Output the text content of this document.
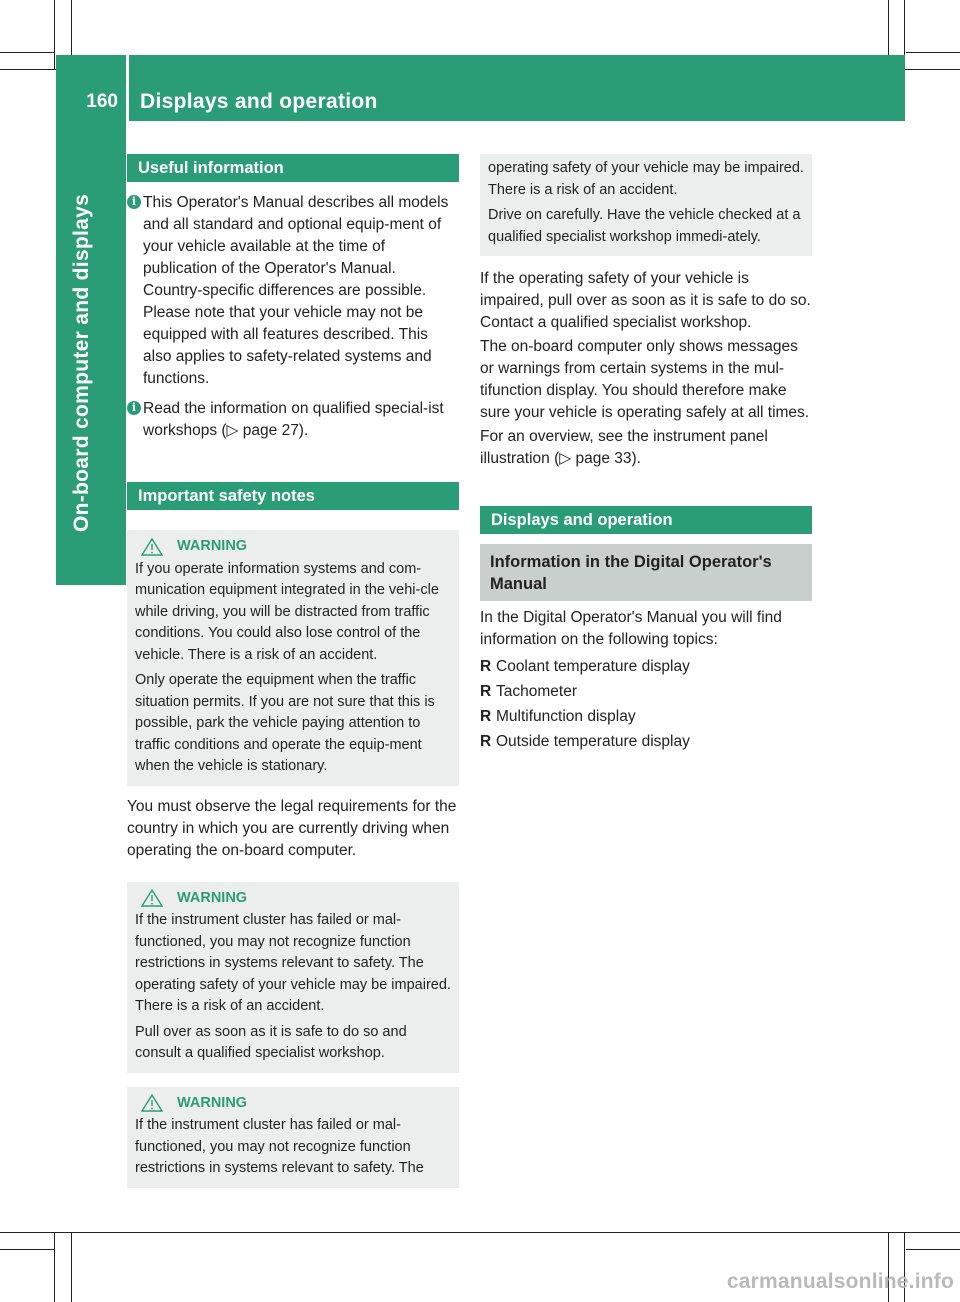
160 Displays and operation
On-board computer and displays
Useful information
i This Operator's Manual describes all models and all standard and optional equip-ment of your vehicle available at the time of publication of the Operator's Manual. Country-specific differences are possible. Please note that your vehicle may not be equipped with all features described. This also applies to safety-related systems and functions.

i Read the information on qualified special-ist workshops (▷ page 27).

Important safety notes
WARNING

If you operate information systems and com-munication equipment integrated in the vehi-cle while driving, you will be distracted from traffic conditions. You could also lose control of the vehicle. There is a risk of an accident.

Only operate the equipment when the traffic situation permits. If you are not sure that this is possible, park the vehicle paying attention to traffic conditions and operate the equip-ment when the vehicle is stationary.

You must observe the legal requirements for the country in which you are currently driving when operating the on-board computer.

WARNING

If the instrument cluster has failed or mal-functioned, you may not recognize function restrictions in systems relevant to safety. The operating safety of your vehicle may be impaired. There is a risk of an accident.

Pull over as soon as it is safe to do so and consult a qualified specialist workshop.

WARNING

If the instrument cluster has failed or mal-functioned, you may not recognize function restrictions in systems relevant to safety. The

operating safety of your vehicle may be impaired. There is a risk of an accident.

Drive on carefully. Have the vehicle checked at a qualified specialist workshop immedi-ately.

If the operating safety of your vehicle is impaired, pull over as soon as it is safe to do so. Contact a qualified specialist workshop.

The on-board computer only shows messages or warnings from certain systems in the mul-tifunction display. You should therefore make sure your vehicle is operating safely at all times.

For an overview, see the instrument panel illustration (▷ page 33).

Displays and operation
Information in the Digital Operator's Manual

In the Digital Operator's Manual you will find information on the following topics:

R Coolant temperature display
R Tachometer
R Multifunction display
R Outside temperature display
carmanualsonline.info
